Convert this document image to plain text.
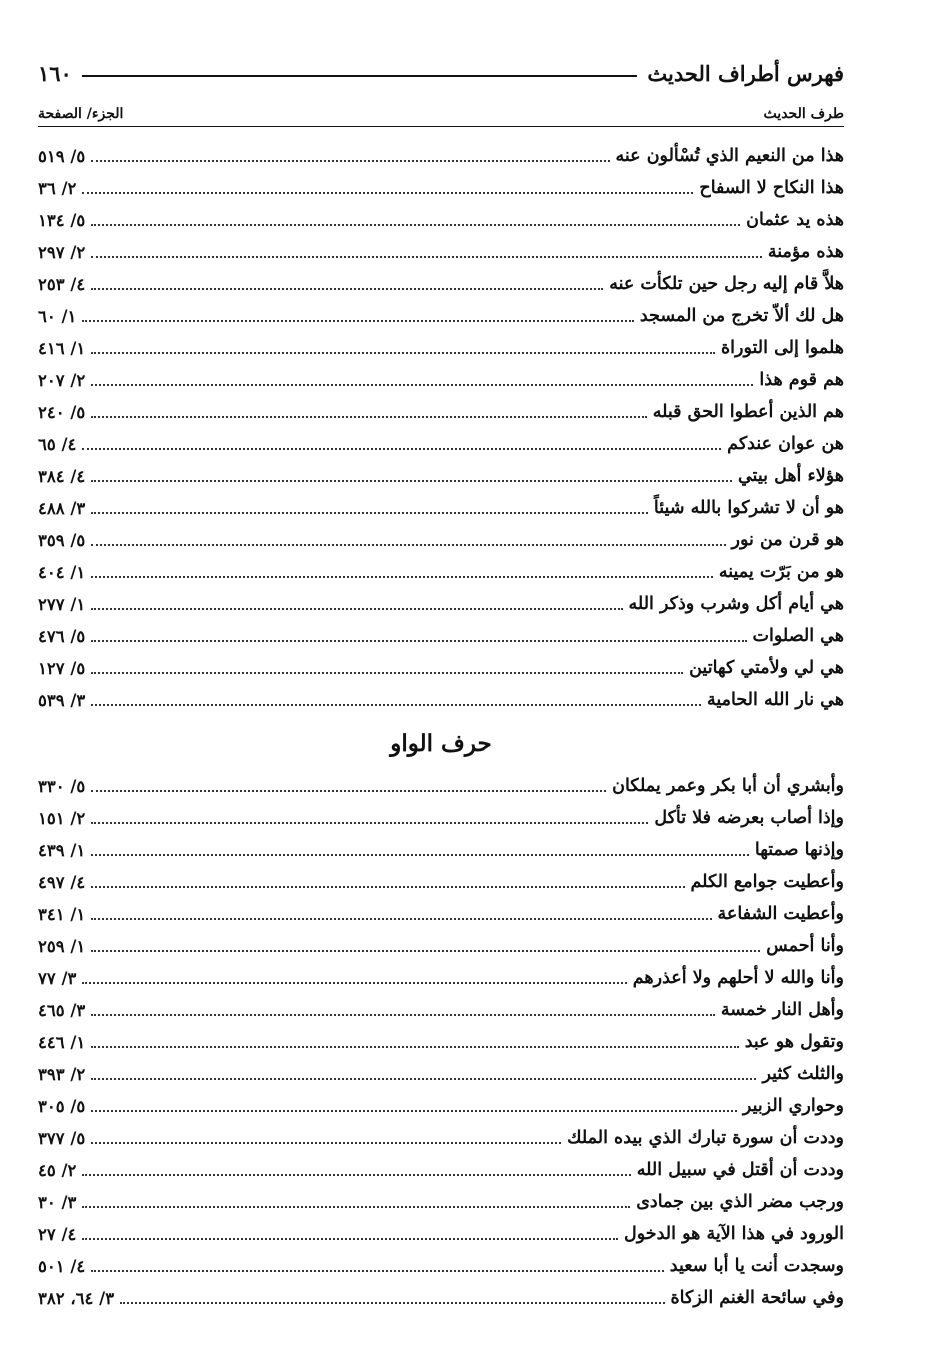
فهرس أطراف الحديث
١٦٠
طرف الحديث
الجزء/ الصفحة
هذا من النعيم الذي تُسْألون عنه
٥/ ٥١٩
هذا النكاح لا السفاح
٢/ ٣٦
هذه يد عثمان
٥/ ١٣٤
هذه مؤمنة
٢/ ٢٩٧
هلاَّ قام إليه رجل حين تلكأت عنه
٤/ ٢٥٣
هل لك ألاّ تخرج من المسجد
١/ ٦٠
هلموا إلى التوراة
١/ ٤١٦
هم قوم هذا
٢/ ٢٠٧
هم الذين أعطوا الحق قبله
٥/ ٢٤٠
هن عوان عندكم
٤/ ٦٥
هؤلاء أهل بيتي
٤/ ٣٨٤
هو أن لا تشركوا بالله شيئاً
٣/ ٤٨٨
هو قرن من نور
٥/ ٣٥٩
هو من بَرّت يمينه
١/ ٤٠٤
هي أيام أكل وشرب وذكر الله
١/ ٢٧٧
هي الصلوات
٥/ ٤٧٦
هي لي ولأمتي كهاتين
٥/ ١٢٧
هي نار الله الحامية
٣/ ٥٣٩
حرف الواو
وأبشري أن أبا بكر وعمر يملكان
٥/ ٣٣٠
وإذا أصاب بعرضه فلا تأكل
٢/ ١٥١
وإذنها صمتها
١/ ٤٣٩
وأعطيت جوامع الكلم
٤/ ٤٩٧
وأعطيت الشفاعة
١/ ٣٤١
وأنا أحمس
١/ ٢٥٩
وأنا والله لا أحلهم ولا أعذرهم
٣/ ٧٧
وأهل النار خمسة
٣/ ٤٦٥
وتقول هو عبد
١/ ٤٤٦
والثلث كثير
٢/ ٣٩٣
وحواري الزبير
٥/ ٣٠٥
وددت أن سورة تبارك الذي بيده الملك
٥/ ٣٧٧
وددت أن أقتل في سبيل الله
٢/ ٤٥
ورجب مضر الذي بين جمادى
٣/ ٣٠
الورود في هذا الآية هو الدخول
٤/ ٢٧
وسجدت أنت يا أبا سعيد
٤/ ٥٠١
وفي سائحة الغنم الزكاة
٣/ ٦٤، ٣٨٢
